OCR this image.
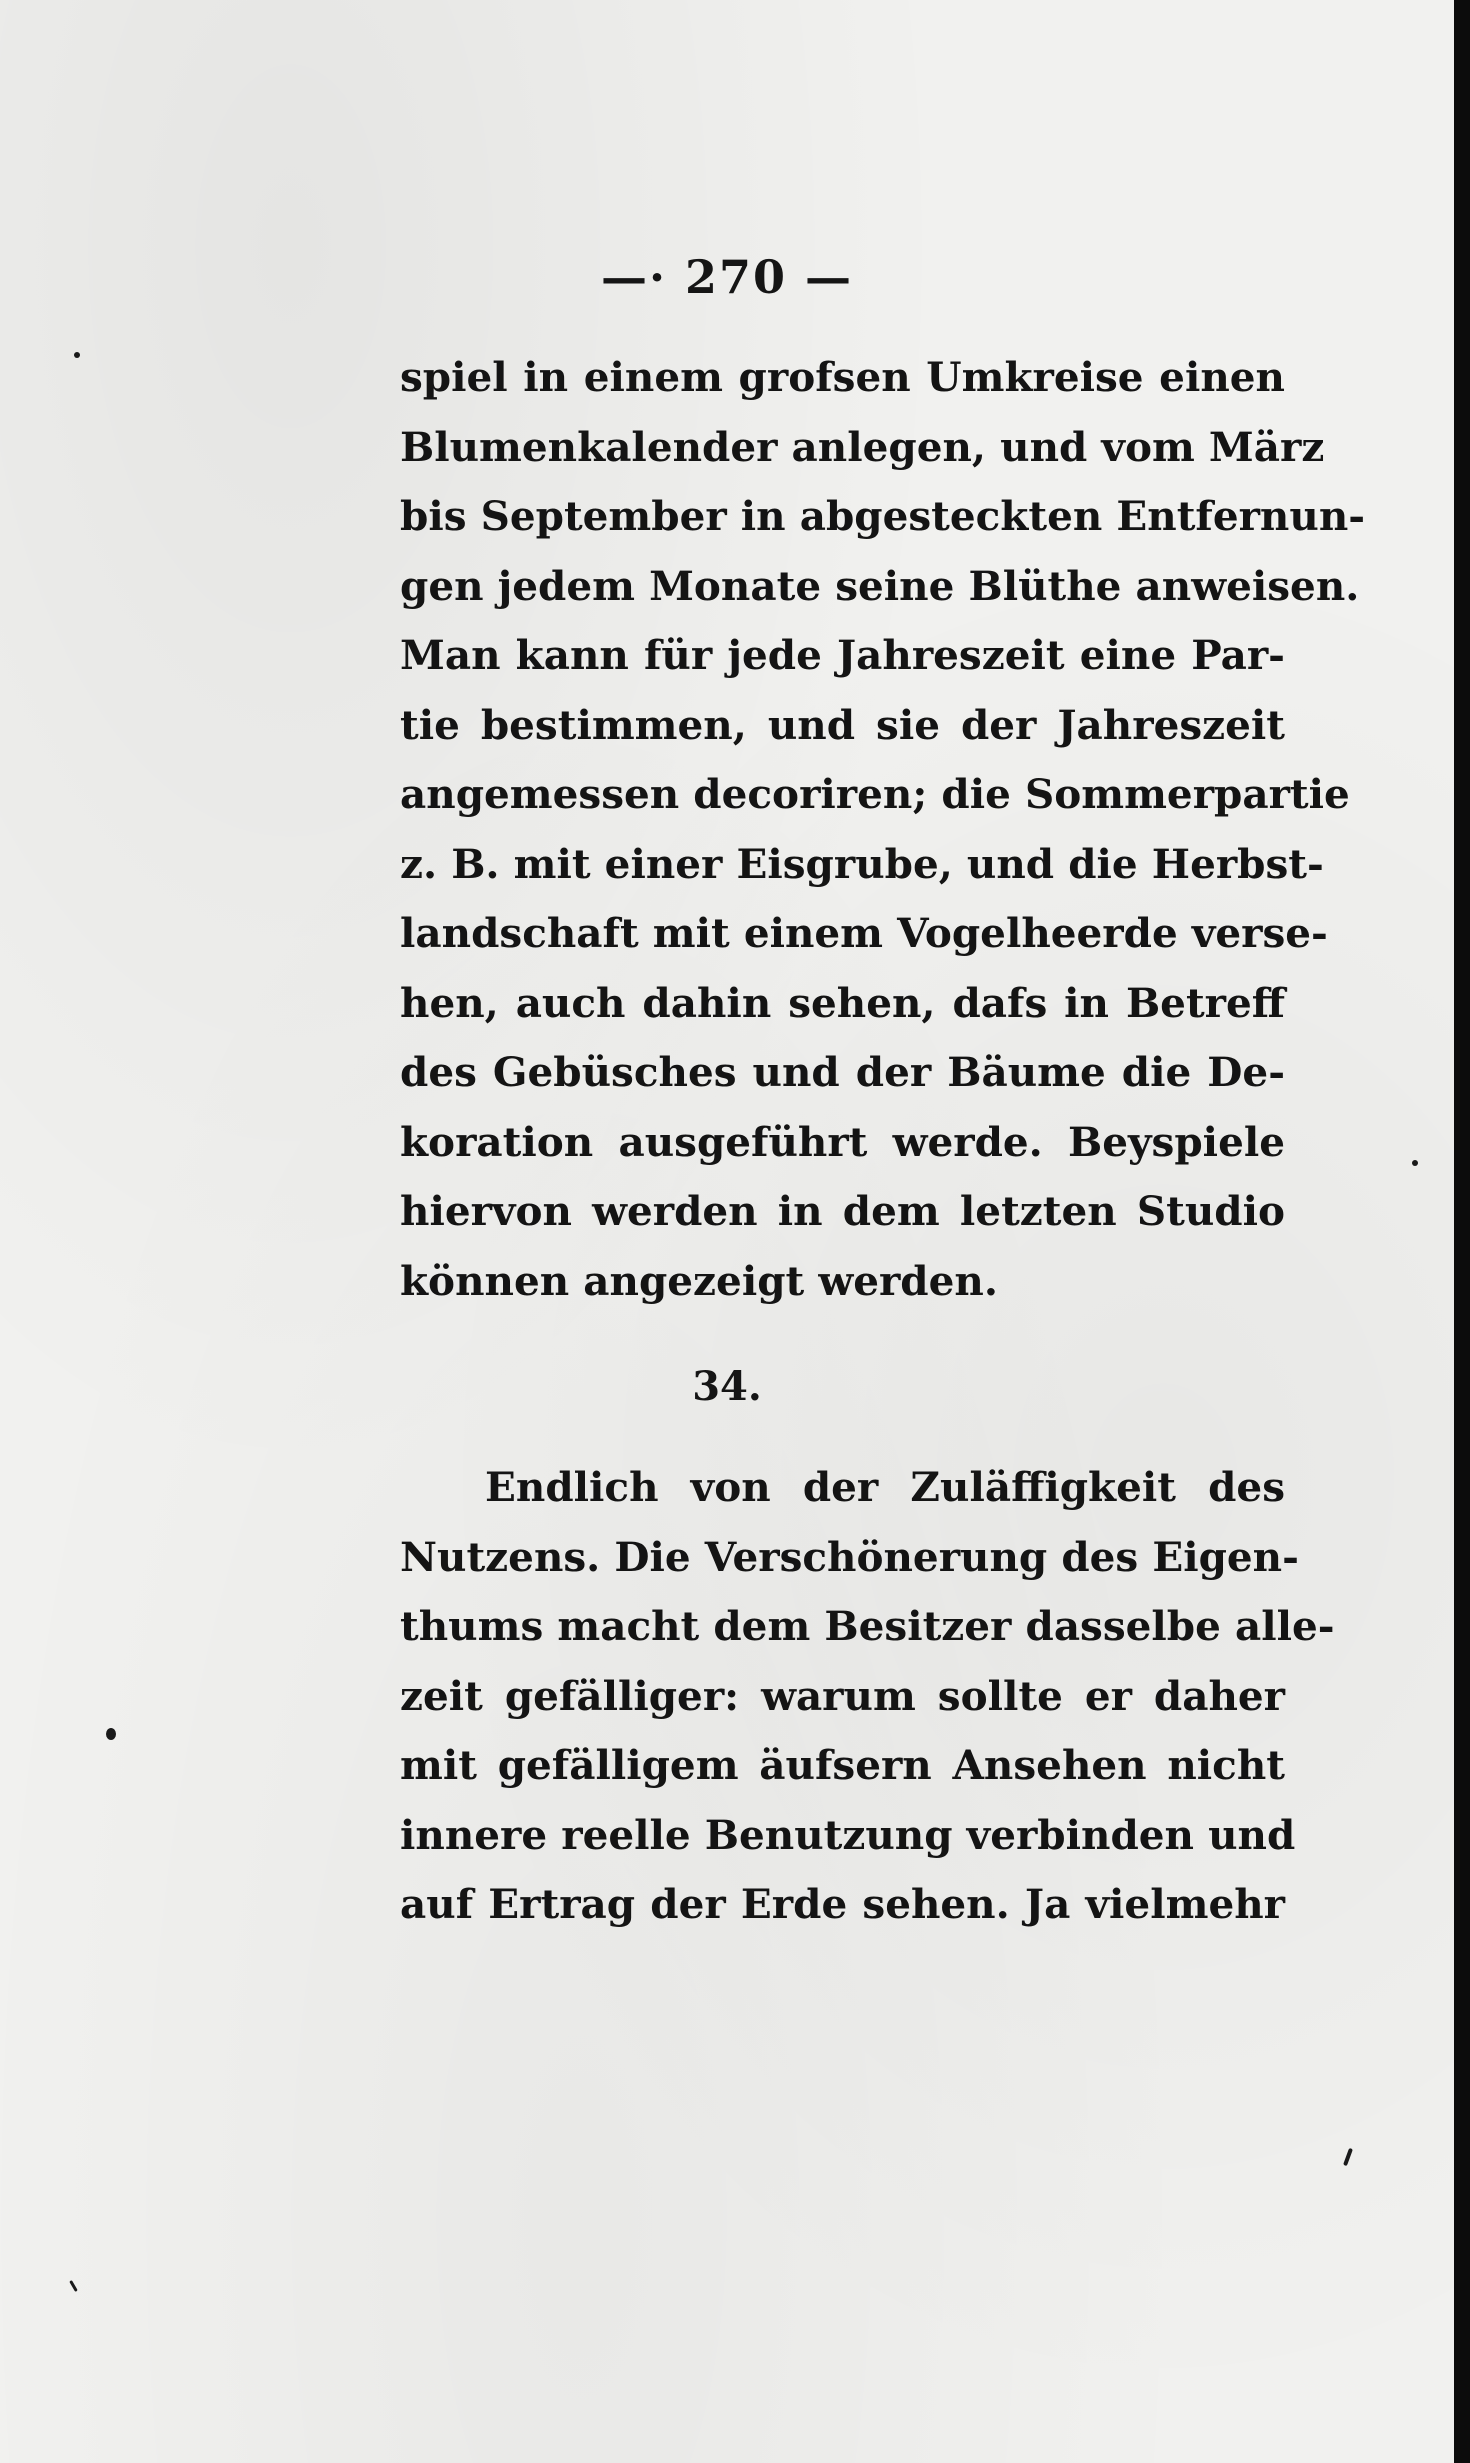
—· 270 —
spiel in einem grofsen Umkreise einen
Blumenkalender anlegen, und vom März
bis September in abgesteckten Entfernun-
gen jedem Monate seine Blüthe anweisen.
Man kann für jede Jahreszeit eine Par-
tie bestimmen, und sie der Jahreszeit
angemessen decoriren; die Sommerpartie
z. B. mit einer Eisgrube, und die Herbst-
landschaft mit einem Vogelheerde verse-
hen, auch dahin sehen, dafs in Betreff
des Gebüsches und der Bäume die De-
koration ausgeführt werde. Beyspiele
hiervon werden in dem letzten Studio
können angezeigt werden.
34.
Endlich von der Zuläffigkeit des
Nutzens. Die Verschönerung des Eigen-
thums macht dem Besitzer dasselbe alle-
zeit gefälliger: warum sollte er daher
mit gefälligem äufsern Ansehen nicht
innere reelle Benutzung verbinden und
auf Ertrag der Erde sehen. Ja vielmehr
